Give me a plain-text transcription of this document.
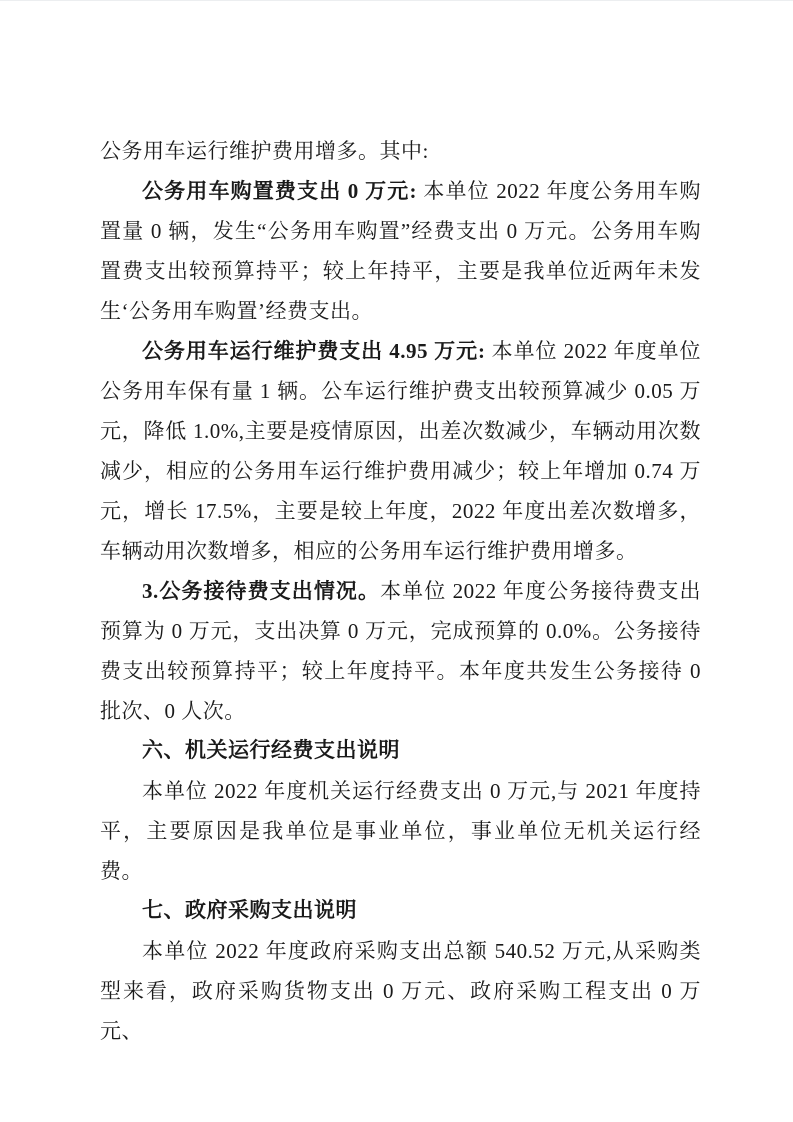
公务用车运行维护费用增多。其中:

公务用车购置费支出 0 万元: 本单位 2022 年度公务用车购置量 0 辆，发生“公务用车购置”经费支出 0 万元。公务用车购置费支出较预算持平；较上年持平，主要是我单位近两年未发生‘公务用车购置’经费支出。

公务用车运行维护费支出 4.95 万元: 本单位 2022 年度单位公务用车保有量 1 辆。公车运行维护费支出较预算减少 0.05 万元，降低 1.0%,主要是疫情原因，出差次数减少，车辆动用次数减少，相应的公务用车运行维护费用减少；较上年增加 0.74 万元，增长 17.5%，主要是较上年度，2022 年度出差次数增多，车辆动用次数增多，相应的公务用车运行维护费用增多。

3.公务接待费支出情况。本单位 2022 年度公务接待费支出预算为 0 万元，支出决算 0 万元，完成预算的 0.0%。公务接待费支出较预算持平；较上年度持平。本年度共发生公务接待 0 批次、0 人次。

六、机关运行经费支出说明

本单位 2022 年度机关运行经费支出 0 万元,与 2021 年度持平，主要原因是我单位是事业单位，事业单位无机关运行经费。

七、政府采购支出说明

本单位 2022 年度政府采购支出总额 540.52 万元,从采购类型来看，政府采购货物支出 0 万元、政府采购工程支出 0 万元、
